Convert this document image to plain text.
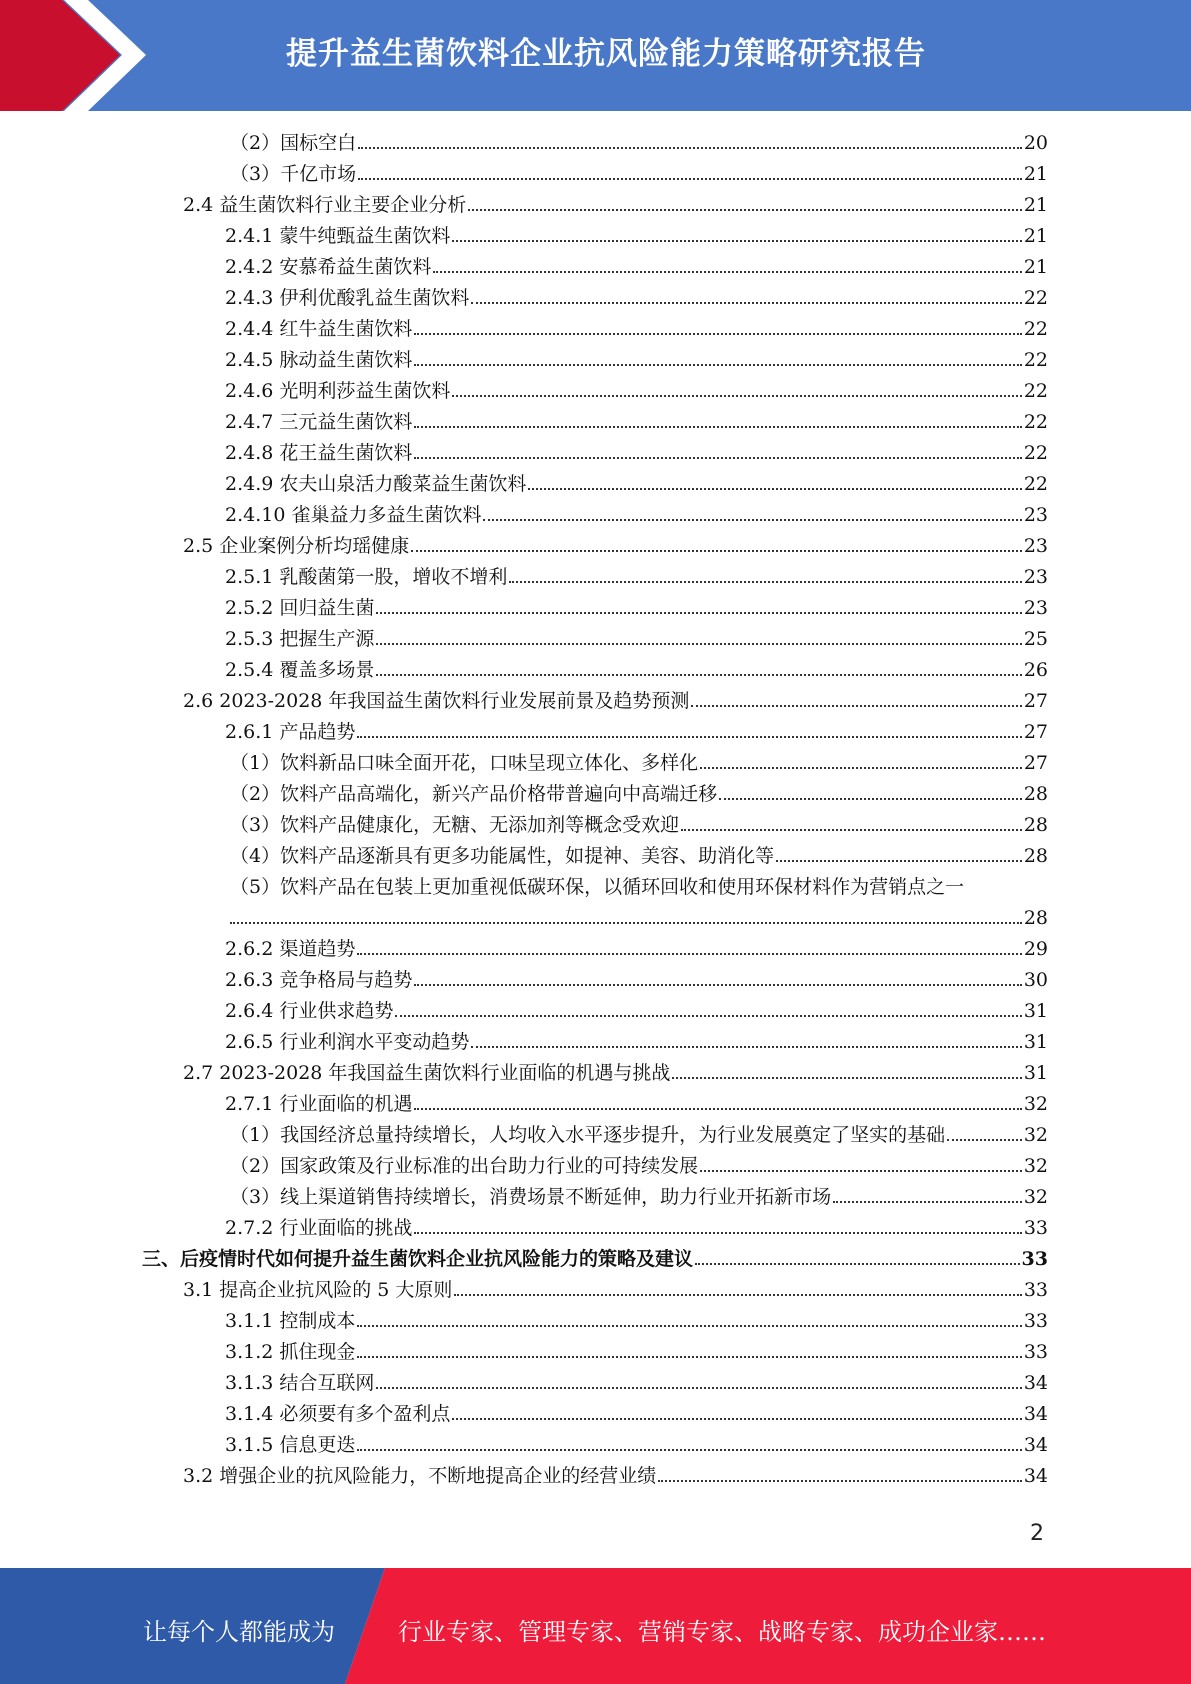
提升益生菌饮料企业抗风险能力策略研究报告
（2）国标空白	20
（3）千亿市场	21
2.4 益生菌饮料行业主要企业分析	21
2.4.1 蒙牛纯甄益生菌饮料	21
2.4.2 安慕希益生菌饮料	21
2.4.3 伊利优酸乳益生菌饮料	22
2.4.4 红牛益生菌饮料	22
2.4.5 脉动益生菌饮料	22
2.4.6 光明利莎益生菌饮料	22
2.4.7 三元益生菌饮料	22
2.4.8 花王益生菌饮料	22
2.4.9 农夫山泉活力酸菜益生菌饮料	22
2.4.10 雀巢益力多益生菌饮料	23
2.5 企业案例分析均瑶健康	23
2.5.1 乳酸菌第一股，增收不增利	23
2.5.2 回归益生菌	23
2.5.3 把握生产源	25
2.5.4 覆盖多场景	26
2.6 2023-2028 年我国益生菌饮料行业发展前景及趋势预测	27
2.6.1 产品趋势	27
（1）饮料新品口味全面开花，口味呈现立体化、多样化	27
（2）饮料产品高端化，新兴产品价格带普遍向中高端迁移	28
（3）饮料产品健康化，无糖、无添加剂等概念受欢迎	28
（4）饮料产品逐渐具有更多功能属性，如提神、美容、助消化等	28
（5）饮料产品在包装上更加重视低碳环保，以循环回收和使用环保材料作为营销点之一
28
2.6.2 渠道趋势	29
2.6.3 竞争格局与趋势	30
2.6.4 行业供求趋势	31
2.6.5 行业利润水平变动趋势	31
2.7 2023-2028 年我国益生菌饮料行业面临的机遇与挑战	31
2.7.1 行业面临的机遇	32
（1）我国经济总量持续增长，人均收入水平逐步提升，为行业发展奠定了坚实的基础	32
（2）国家政策及行业标准的出台助力行业的可持续发展	32
（3）线上渠道销售持续增长，消费场景不断延伸，助力行业开拓新市场	32
2.7.2 行业面临的挑战	33
三、后疫情时代如何提升益生菌饮料企业抗风险能力的策略及建议	33
3.1 提高企业抗风险的 5 大原则	33
3.1.1 控制成本	33
3.1.2 抓住现金	33
3.1.3 结合互联网	34
3.1.4 必须要有多个盈利点	34
3.1.5 信息更迭	34
3.2 增强企业的抗风险能力，不断地提高企业的经营业绩	34
2
让每个人都能成为	行业专家、管理专家、营销专家、战略专家、成功企业家……
